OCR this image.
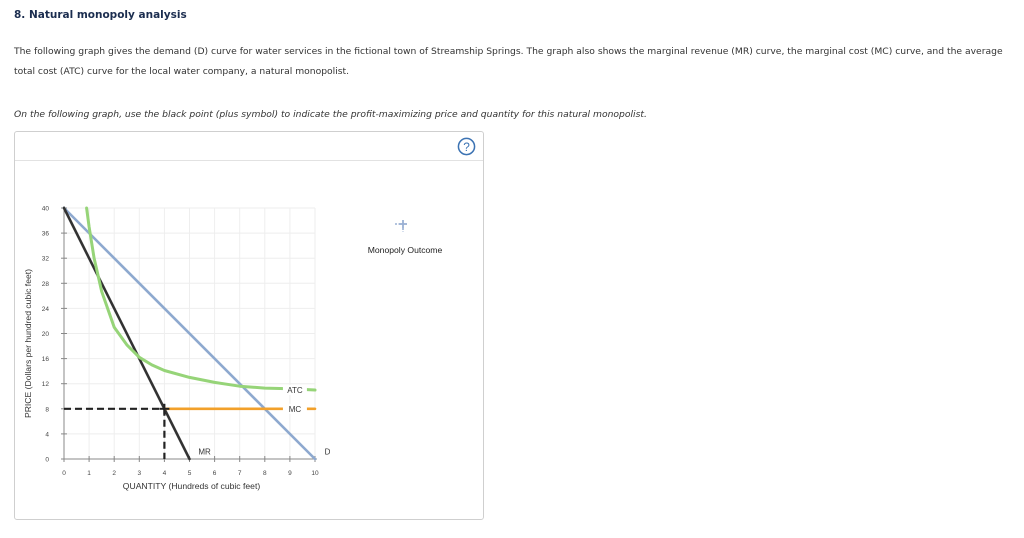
8. Natural monopoly analysis
The following graph gives the demand (D) curve for water services in the fictional town of Streamship Springs. The graph also shows the marginal revenue (MR) curve, the marginal cost (MC) curve, and the average total cost (ATC) curve for the local water company, a natural monopolist.
On the following graph, use the black point (plus symbol) to indicate the profit-maximizing price and quantity for this natural monopolist.
?
0
4
8
12
16
20
24
28
32
36
40
0	1	2	3	4	5	6	7	8	9	10
D
MR
MC
ATC
PRICE (Dollars per hundred cubic feet)
QUANTITY (Hundreds of cubic feet)
Monopoly Outcome
